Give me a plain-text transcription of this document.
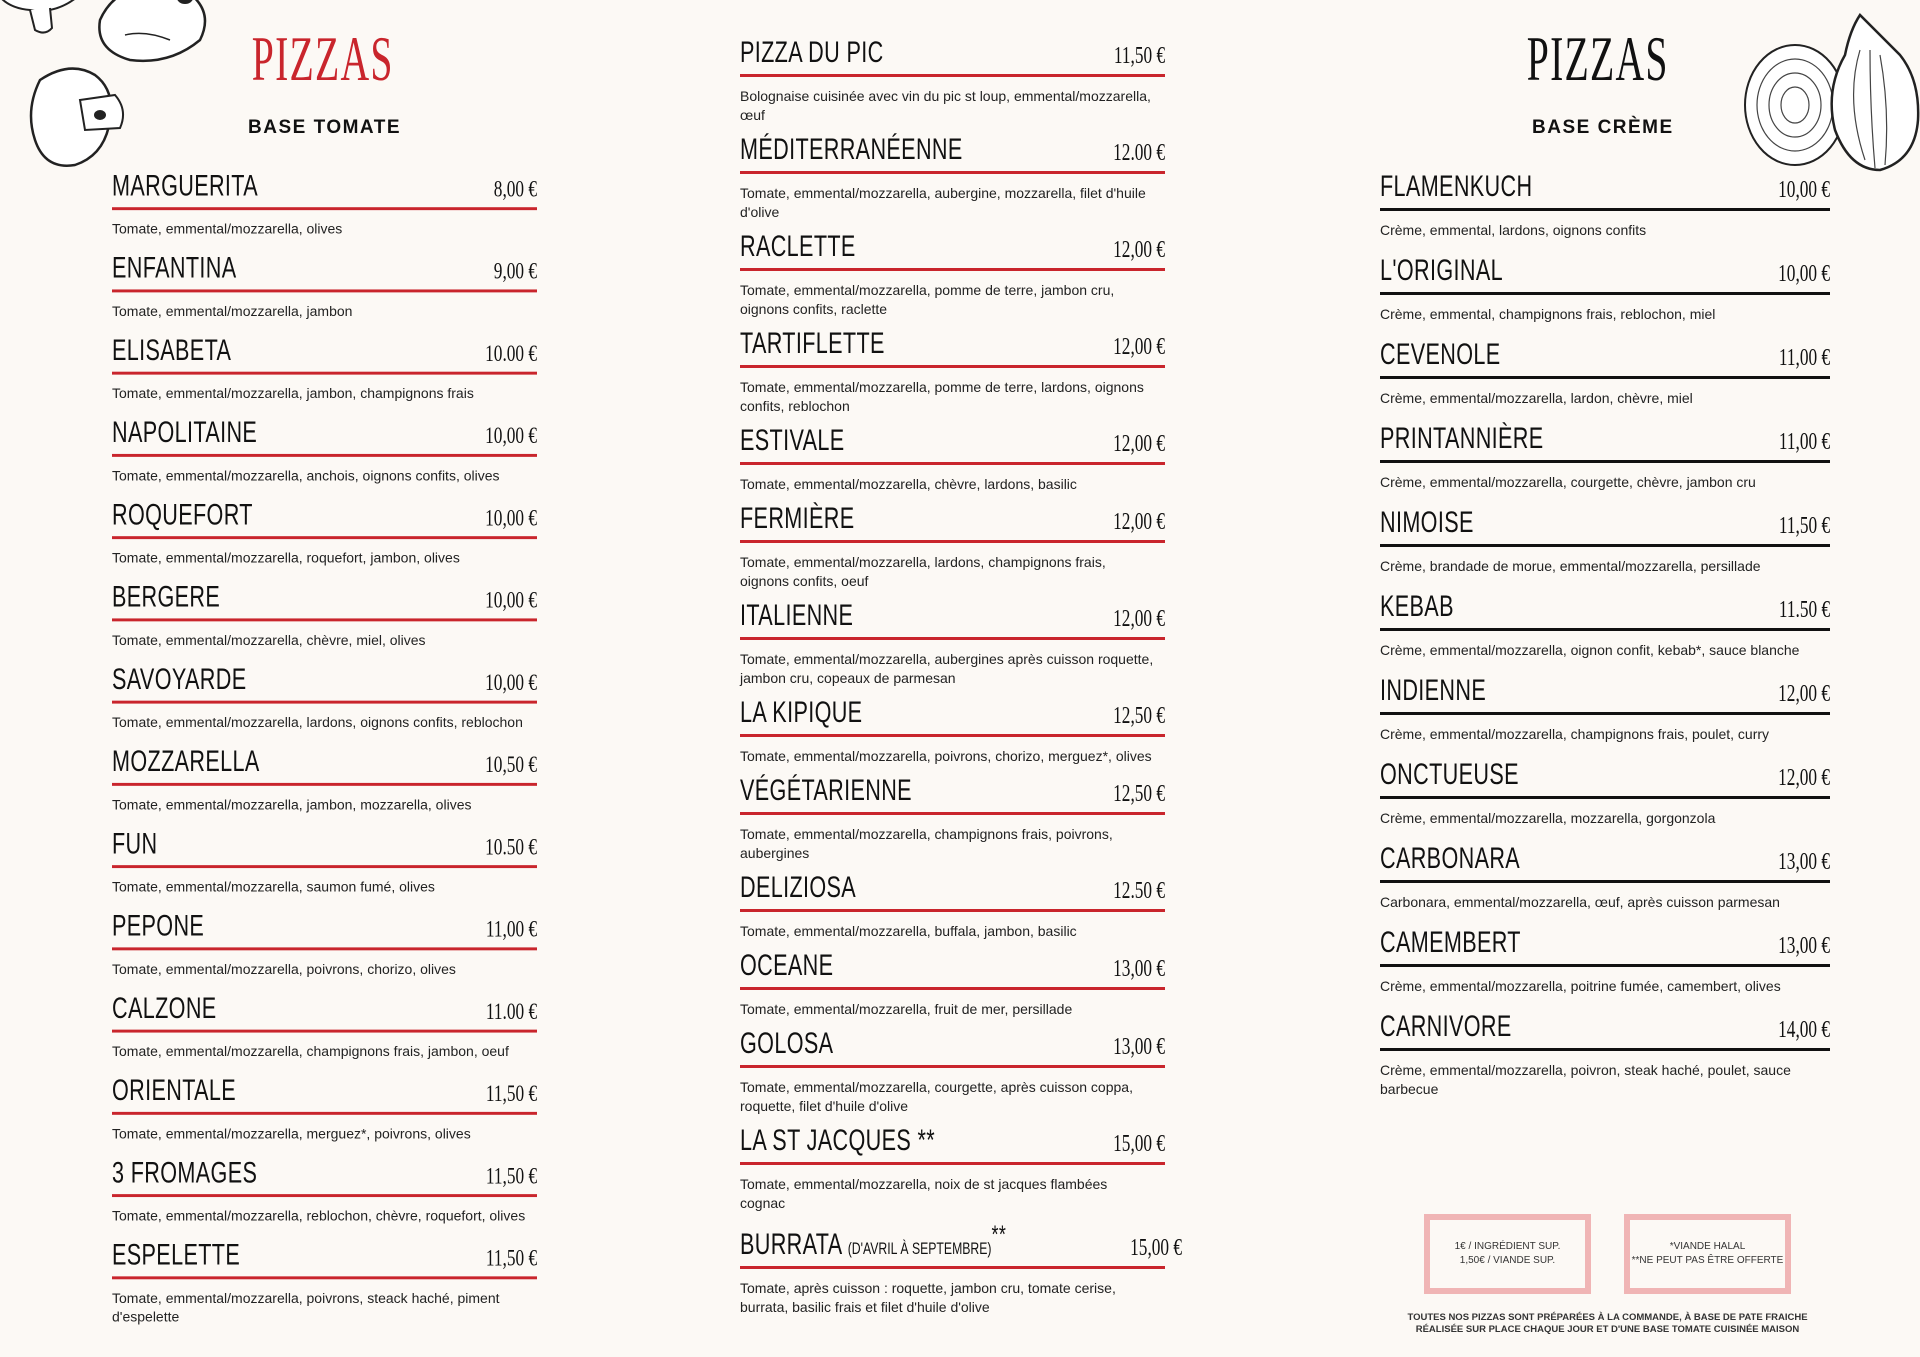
PIZZAS
BASE TOMATE
PIZZAS
BASE CRÈME
MARGUERITA	8,00 €
Tomate, emmental/mozzarella, olives
ENFANTINA	9,00 €
Tomate, emmental/mozzarella, jambon
ELISABETA	10.00 €
Tomate, emmental/mozzarella, jambon, champignons frais
NAPOLITAINE	10,00 €
Tomate, emmental/mozzarella, anchois, oignons confits, olives
ROQUEFORT	10,00 €
Tomate, emmental/mozzarella, roquefort, jambon, olives
BERGERE	10,00 €
Tomate, emmental/mozzarella, chèvre, miel, olives
SAVOYARDE	10,00 €
Tomate, emmental/mozzarella, lardons, oignons confits, reblochon
MOZZARELLA	10,50 €
Tomate, emmental/mozzarella, jambon, mozzarella, olives
FUN	10.50 €
Tomate, emmental/mozzarella, saumon fumé, olives
PEPONE	11,00 €
Tomate, emmental/mozzarella, poivrons, chorizo, olives
CALZONE	11.00 €
Tomate, emmental/mozzarella, champignons frais, jambon, oeuf
ORIENTALE	11,50 €
Tomate, emmental/mozzarella, merguez*, poivrons, olives
3 FROMAGES	11,50 €
Tomate, emmental/mozzarella, reblochon, chèvre, roquefort, olives
ESPELETTE	11,50 €
Tomate, emmental/mozzarella, poivrons, steack haché, piment d'espelette
PIZZA DU PIC	11,50 €
Bolognaise cuisinée avec vin du pic st loup, emmental/mozzarella, œuf
MÉDITERRANÉENNE	12.00 €
Tomate, emmental/mozzarella, aubergine, mozzarella, filet d'huile d'olive
RACLETTE	12,00 €
Tomate, emmental/mozzarella, pomme de terre, jambon cru, oignons confits, raclette
TARTIFLETTE	12,00 €
Tomate, emmental/mozzarella, pomme de terre, lardons, oignons confits, reblochon
ESTIVALE	12,00 €
Tomate, emmental/mozzarella, chèvre, lardons, basilic
FERMIÈRE	12,00 €
Tomate, emmental/mozzarella, lardons, champignons frais, oignons confits, oeuf
ITALIENNE	12,00 €
Tomate, emmental/mozzarella, aubergines après cuisson roquette, jambon cru, copeaux de parmesan
LA KIPIQUE	12,50 €
Tomate, emmental/mozzarella, poivrons, chorizo, merguez*, olives
VÉGÉTARIENNE	12,50 €
Tomate, emmental/mozzarella, champignons frais, poivrons, aubergines
DELIZIOSA	12.50 €
Tomate, emmental/mozzarella, buffala, jambon, basilic
OCEANE	13,00 €
Tomate, emmental/mozzarella, fruit de mer, persillade
GOLOSA	13,00 €
Tomate, emmental/mozzarella, courgette, après cuisson coppa, roquette, filet d'huile d'olive
LA ST JACQUES **	15,00 €
Tomate, emmental/mozzarella, noix de st jacques flambées cognac
BURRATA (D'AVRIL À SEPTEMBRE)**	15,00 €
Tomate, après cuisson : roquette, jambon cru, tomate cerise, burrata, basilic frais et filet d'huile d'olive
FLAMENKUCH	10,00 €
Crème, emmental, lardons, oignons confits
L'ORIGINAL	10,00 €
Crème, emmental, champignons frais, reblochon, miel
CEVENOLE	11,00 €
Crème, emmental/mozzarella, lardon, chèvre, miel
PRINTANNIÈRE	11,00 €
Crème, emmental/mozzarella, courgette, chèvre, jambon cru
NIMOISE	11,50 €
Crème, brandade de morue, emmental/mozzarella, persillade
KEBAB	11.50 €
Crème, emmental/mozzarella, oignon confit, kebab*, sauce blanche
INDIENNE	12,00 €
Crème, emmental/mozzarella, champignons frais, poulet, curry
ONCTUEUSE	12,00 €
Crème, emmental/mozzarella, mozzarella, gorgonzola
CARBONARA	13,00 €
Carbonara, emmental/mozzarella, œuf, après cuisson parmesan
CAMEMBERT	13,00 €
Crème, emmental/mozzarella, poitrine fumée, camembert, olives
CARNIVORE	14,00 €
Crème, emmental/mozzarella, poivron, steak haché, poulet, sauce barbecue
1€ / INGRÉDIENT SUP.
1,50€ / VIANDE SUP.
*VIANDE HALAL
**NE PEUT PAS ÊTRE OFFERTE
TOUTES NOS PIZZAS SONT PRÉPARÉES À LA COMMANDE, À BASE DE PATE FRAICHE
RÉALISÉE SUR PLACE CHAQUE JOUR ET D'UNE BASE TOMATE CUISINÉE MAISON
